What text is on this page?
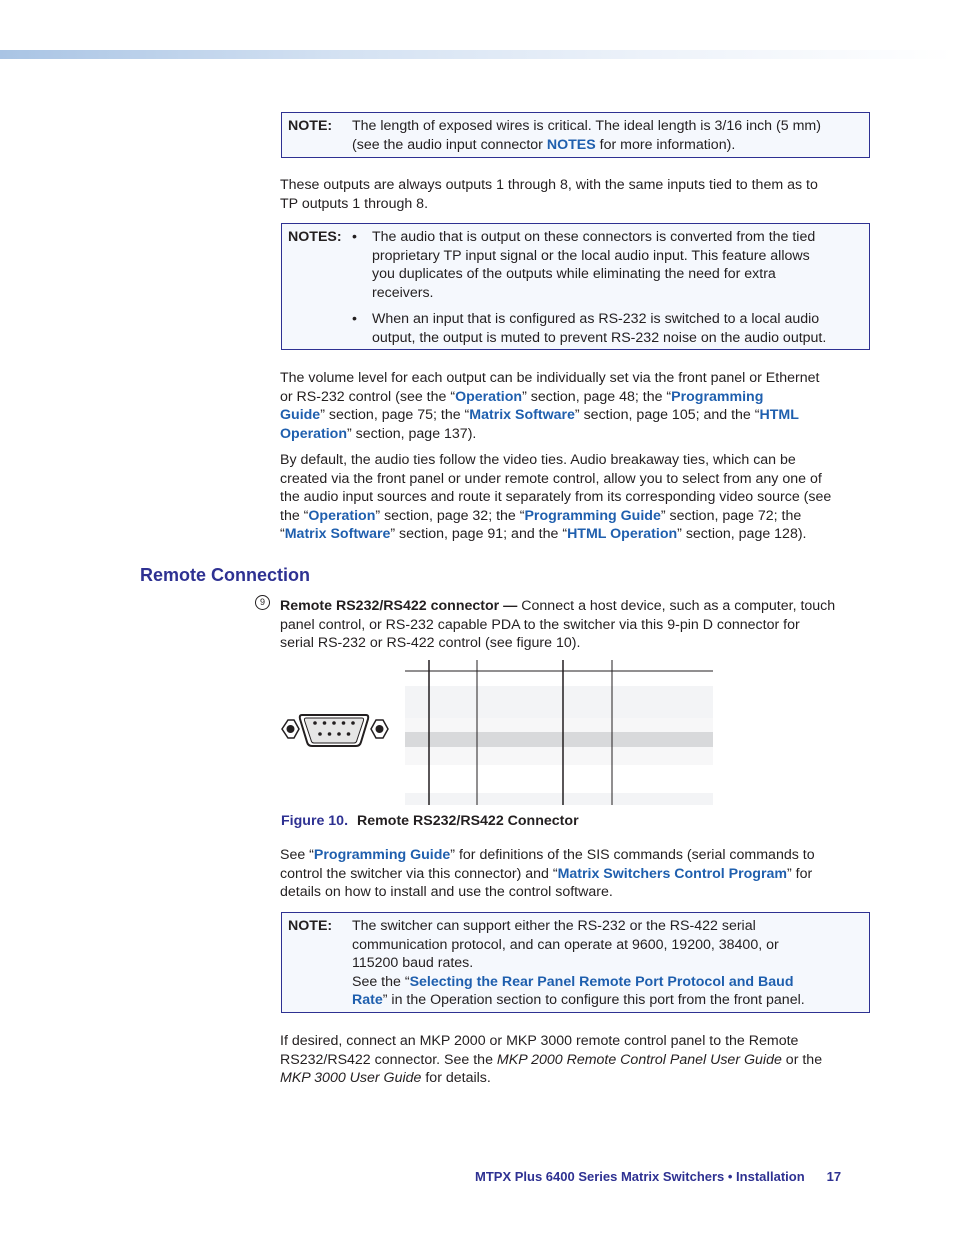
NOTE: The length of exposed wires is critical. The ideal length is 3/16 inch (5 mm)
(see the audio input connector NOTES for more information).
These outputs are always outputs 1 through 8, with the same inputs tied to them as to
TP outputs 1 through 8.
NOTES: • The audio that is output on these connectors is converted from the tied
proprietary TP input signal or the local audio input. This feature allows
you duplicates of the outputs while eliminating the need for extra
receivers.
• When an input that is configured as RS-232 is switched to a local audio
output, the output is muted to prevent RS-232 noise on the audio output.
The volume level for each output can be individually set via the front panel or Ethernet
or RS-232 control (see the “Operation” section, page 48; the “Programming
Guide” section, page 75; the “Matrix Software” section, page 105; and the “HTML
Operation” section, page 137).
By default, the audio ties follow the video ties. Audio breakaway ties, which can be
created via the front panel or under remote control, allow you to select from any one of
the audio input sources and route it separately from its corresponding video source (see
the “Operation” section, page 32; the “Programming Guide” section, page 72; the
“Matrix Software” section, page 91; and the “HTML Operation” section, page 128).
Remote Connection
9	Remote RS232/RS422 connector — Connect a host device, such as a computer, touch
panel control, or RS-232 capable PDA to the switcher via this 9-pin D connector for
serial RS-232 or RS-422 control (see figure 10).
Figure 10. Remote RS232/RS422 Connector
See “Programming Guide” for definitions of the SIS commands (serial commands to
control the switcher via this connector) and “Matrix Switchers Control Program” for
details on how to install and use the control software.
NOTE: The switcher can support either the RS-232 or the RS-422 serial
communication protocol, and can operate at 9600, 19200, 38400, or
115200 baud rates.
See the “Selecting the Rear Panel Remote Port Protocol and Baud
Rate” in the Operation section to configure this port from the front panel.
If desired, connect an MKP 2000 or MKP 3000 remote control panel to the Remote
RS232/RS422 connector. See the MKP 2000 Remote Control Panel User Guide or the
MKP 3000 User Guide for details.
MTPX Plus 6400 Series Matrix Switchers • Installation 17
